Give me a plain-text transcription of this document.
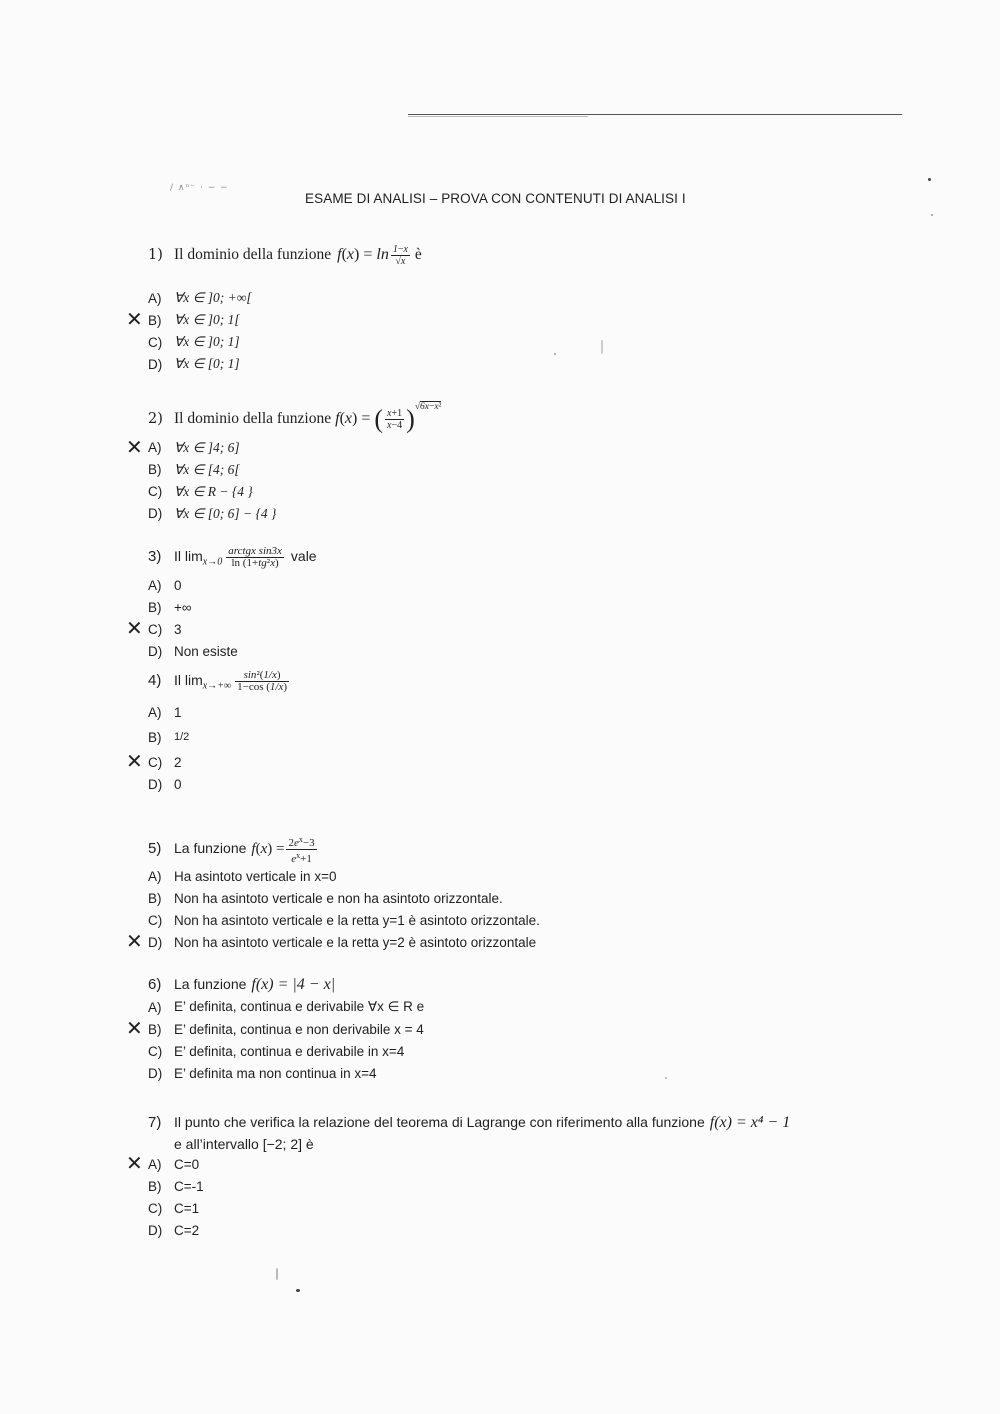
∕ ∧ⁿ⁻ · − −
ESAME DI ANALISI – PROVA CON CONTENUTI DI ANALISI I
1) Il dominio della funzione $f(x) = \ln \frac{1-x}{√x}$ è
A) ∀x ∈ ]0; +∞[
✕ B) ∀x ∈ ]0; 1[
C) ∀x ∈ ]0; 1]
D) ∀x ∈ [0; 1]
2) Il dominio della funzione f(x) = ( $\frac{x+1}{x-4} )^{√6x-x^2}$
✕ A) ∀x ∈ ]4; 6]
B) ∀x ∈ [4; 6[
C) ∀x ∈ R − {4 }
D) ∀x ∈ [0; 6] − {4 }
3) Il $\lim _{x\to 0} \frac{\text{arctgx sin3x}}{\text{ln (1+tg²x)}}$ vale
A) 0
B) +∞
✕ C) 3
D) Non esiste
4) Il $\lim _{x\to+\infty} \frac{\text{sin²(1/x)}}{1-\cos (1/x)}$
A) 1
B)	1/2
✕ C) 2
D) 0
5) La funzione $f(x) = \frac{2e^x-3}{e^x+1}$
A) Ha asintoto verticale in x=0
B) Non ha asintoto verticale e non ha asintoto orizzontale.
C) Non ha asintoto verticale e la retta y=1 è asintoto orizzontale.
✕ D) Non ha asintoto verticale e la retta y=2 è asintoto orizzontale
6) La funzione f(x) = |4 − x|
A) E’ definita, continua e derivabile ∀x ∈ R e
✕ B) E’ definita, continua e non derivabile x = 4
C) E’ definita, continua e derivabile in x=4
D) E’ definita ma non continua in x=4
7) Il punto che verifica la relazione del teorema di Lagrange con riferimento alla funzione f(x) = x⁴ − 1
e all’intervallo [−2; 2] è
✕ A) C=0
B) C=-1
C) C=1
D) C=2
